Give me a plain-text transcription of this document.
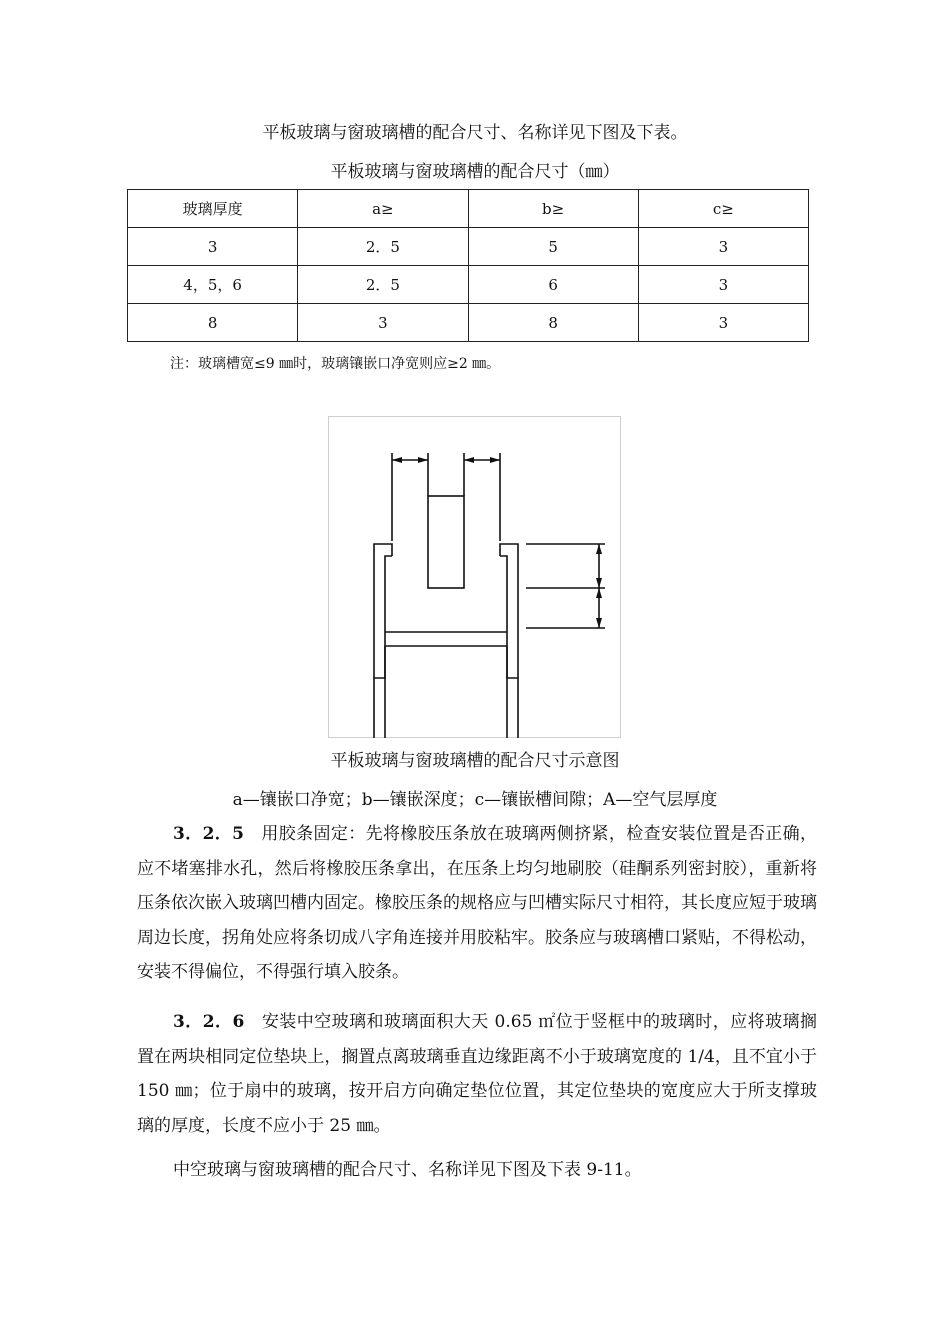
平板玻璃与窗玻璃槽的配合尺寸、名称详见下图及下表。
平板玻璃与窗玻璃槽的配合尺寸（㎜）
玻璃厚度	a≥	b≥	c≥
3	2．5	5	3
4，5，6	2．5	6	3
8	3	8	3
注：玻璃槽宽≤9 ㎜时，玻璃镶嵌口净宽则应≥2 ㎜。
平板玻璃与窗玻璃槽的配合尺寸示意图
a—镶嵌口净宽；b—镶嵌深度；c—镶嵌槽间隙；A—空气层厚度
3．2．5 用胶条固定：先将橡胶压条放在玻璃两侧挤紧，检查安装位置是否正确，应不堵塞排水孔，然后将橡胶压条拿出，在压条上均匀地刷胶（硅酮系列密封胶），重新将压条依次嵌入玻璃凹槽内固定。橡胶压条的规格应与凹槽实际尺寸相符，其长度应短于玻璃周边长度，拐角处应将条切成八字角连接并用胶粘牢。胶条应与玻璃槽口紧贴，不得松动，安装不得偏位，不得强行填入胶条。
3．2．6 安装中空玻璃和玻璃面积大天 0.65 ㎡位于竖框中的玻璃时，应将玻璃搁置在两块相同定位垫块上，搁置点离玻璃垂直边缘距离不小于玻璃宽度的 1/4，且不宜小于 150 ㎜；位于扇中的玻璃，按开启方向确定垫位位置，其定位垫块的宽度应大于所支撑玻璃的厚度，长度不应小于 25 ㎜。
中空玻璃与窗玻璃槽的配合尺寸、名称详见下图及下表 9-11。
